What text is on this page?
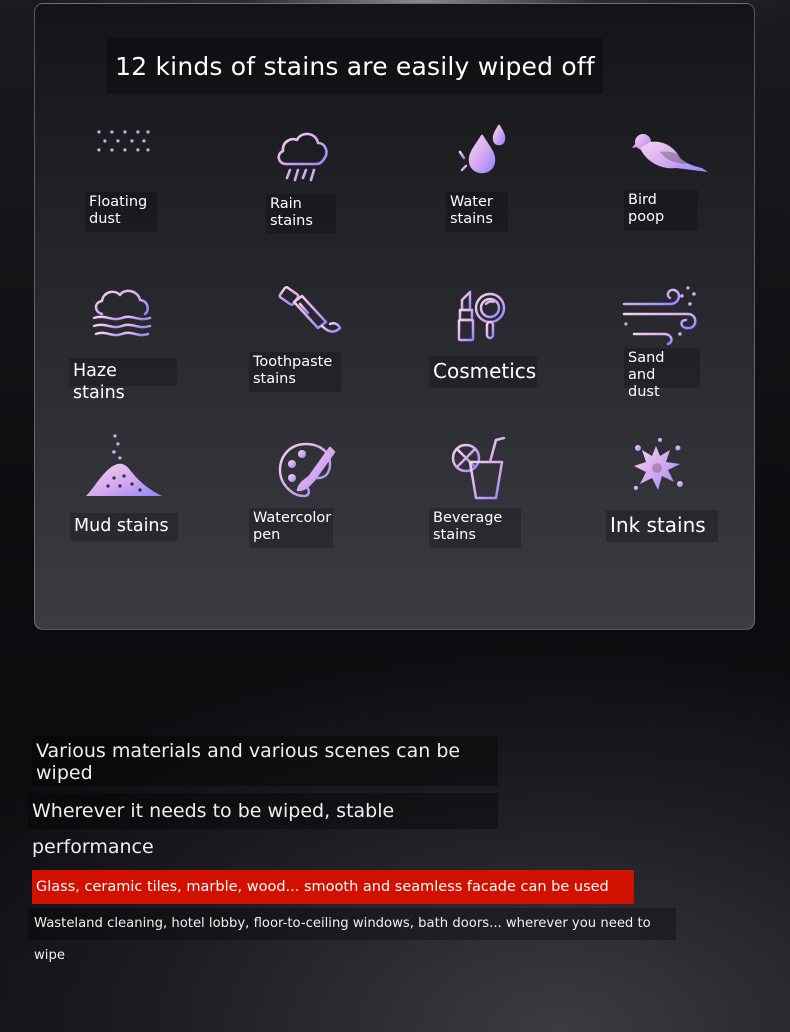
12 kinds of stains are easily wiped off
Floating
dust
Rain
stains
Water
stains
Bird
poop
Haze stains
Toothpaste
stains	Cosmetics
Sand and
dust
Mud stains	Watercolor
pen
Beverage
stains	Ink stains
Various materials and various scenes can be wiped
Wherever it needs to be wiped, stable performance
Glass, ceramic tiles, marble, wood... smooth and seamless facade can be used
Wasteland cleaning, hotel lobby, floor-to-ceiling windows, bath doors... wherever you need to wipe
